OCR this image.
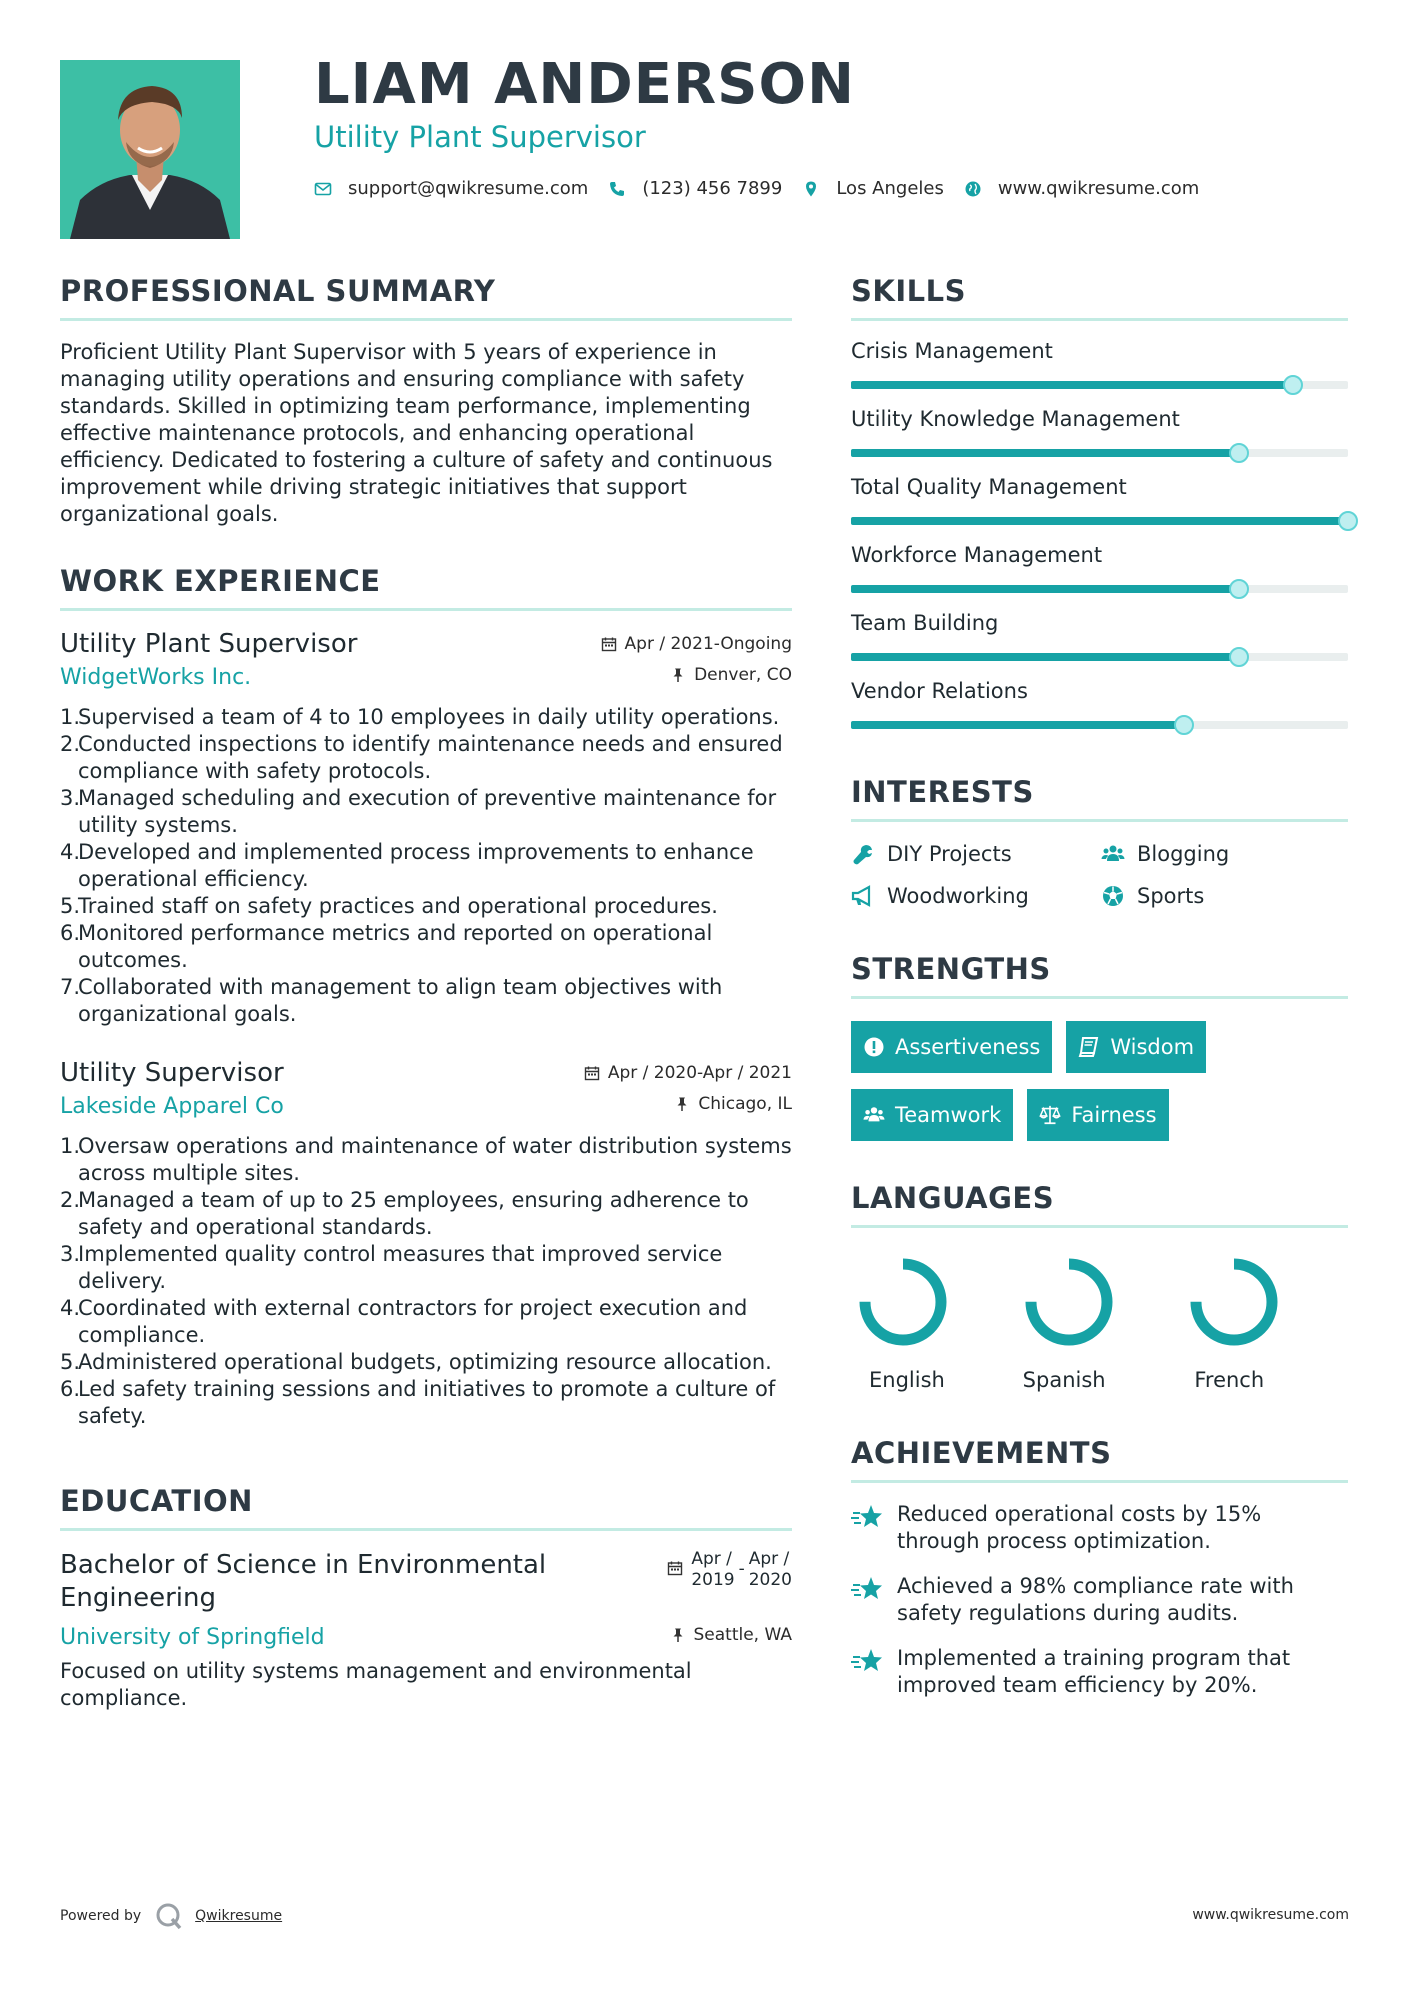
LIAM ANDERSON
Utility Plant Supervisor
support@qwikresume.com	(123) 456 7899	Los Angeles	www.qwikresume.com
PROFESSIONAL SUMMARY

Proficient Utility Plant Supervisor with 5 years of experience in managing utility operations and ensuring compliance with safety standards. Skilled in optimizing team performance, implementing effective maintenance protocols, and enhancing operational efficiency. Dedicated to fostering a culture of safety and continuous improvement while driving strategic initiatives that support organizational goals.

WORK EXPERIENCE
Utility Plant Supervisor	Apr / 2021-Ongoing
WidgetWorks Inc.	Denver, CO
1.
Supervised a team of 4 to 10 employees in daily utility operations.
2.
Conducted inspections to identify maintenance needs and ensured compliance with safety protocols.
3.
Managed scheduling and execution of preventive maintenance for utility systems.
4.
Developed and implemented process improvements to enhance operational efficiency.
5.
Trained staff on safety practices and operational procedures.
6.
Monitored performance metrics and reported on operational outcomes.
7.
Collaborated with management to align team objectives with organizational goals.
Utility Supervisor	Apr / 2020-Apr / 2021
Lakeside Apparel Co	Chicago, IL
1.
Oversaw operations and maintenance of water distribution systems across multiple sites.
2.
Managed a team of up to 25 employees, ensuring adherence to safety and operational standards.
3.
Implemented quality control measures that improved service delivery.
4.
Coordinated with external contractors for project execution and compliance.
5.
Administered operational budgets, optimizing resource allocation.
6.
Led safety training sessions and initiatives to promote a culture of safety.
EDUCATION
Bachelor of Science in Environmental Engineering
Apr /
2019
- Apr /
2020
University of Springfield	Seattle, WA

Focused on utility systems management and environmental compliance.

SKILLS
Crisis Management
Utility Knowledge Management
Total Quality Management
Workforce Management
Team Building
Vendor Relations
INTERESTS
DIY Projects	Blogging
Woodworking	Sports
STRENGTHS
Assertiveness	Wisdom
Teamwork	Fairness
LANGUAGES
English	Spanish	French
ACHIEVEMENTS
Reduced operational costs by 15% through process optimization.
Achieved a 98% compliance rate with safety regulations during audits.
Implemented a training program that improved team efficiency by 20%.
Powered by	Qwikresume	www.qwikresume.com
